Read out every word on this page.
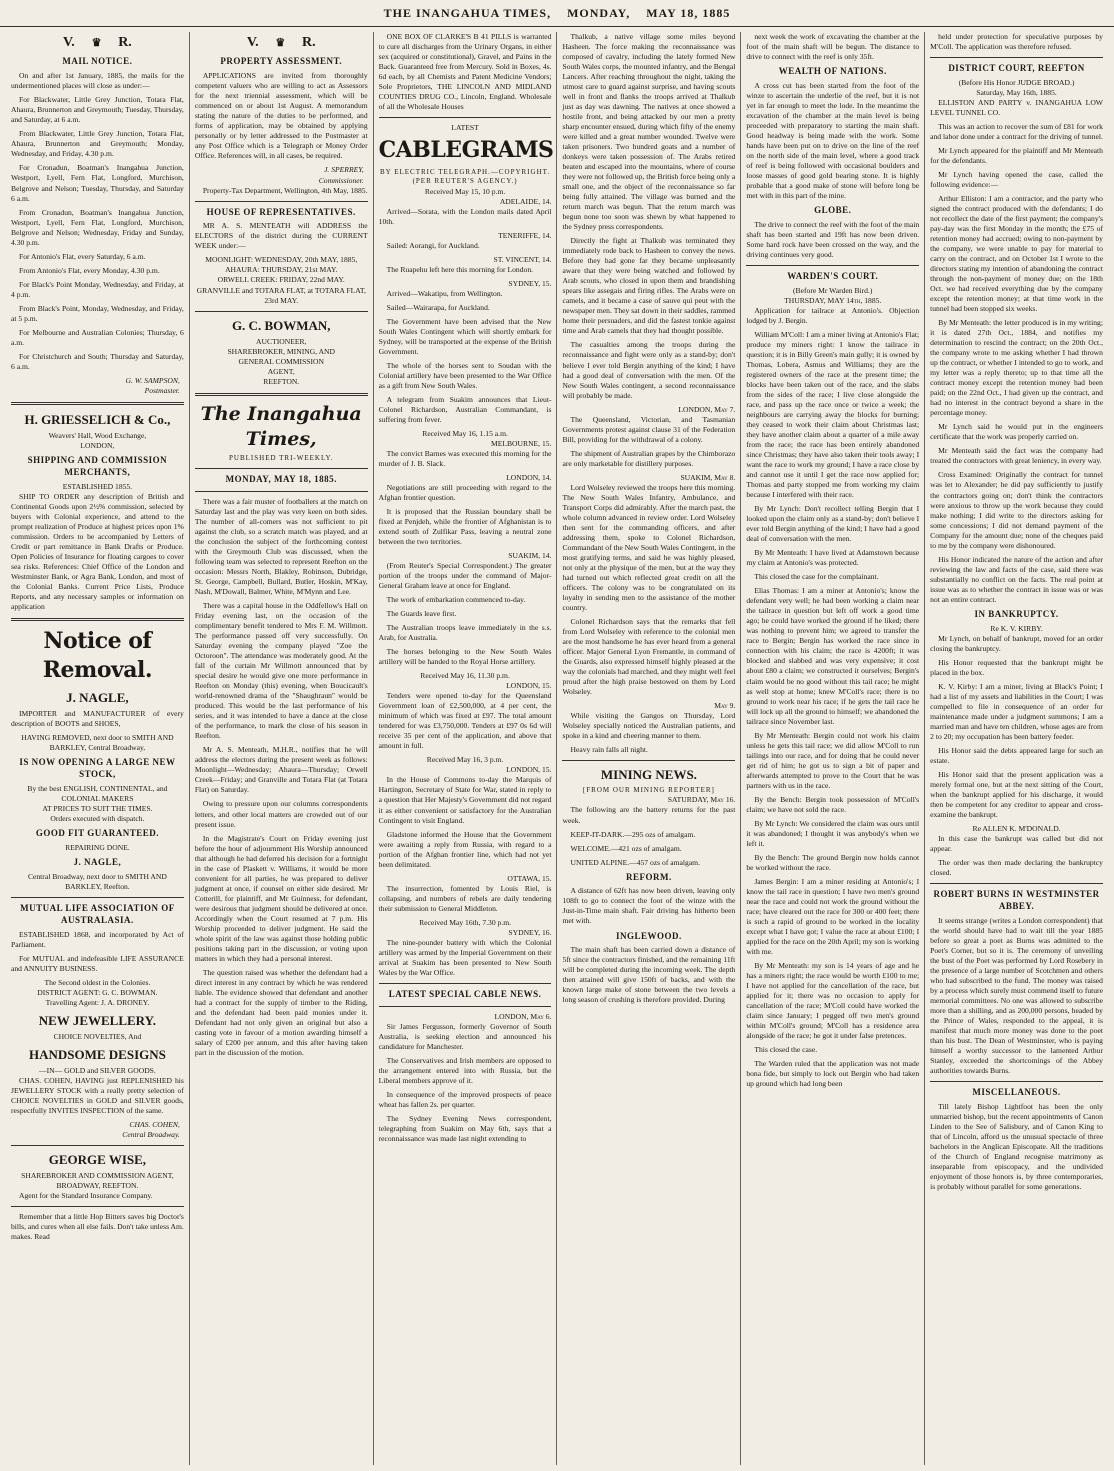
THE INANGAHUA TIMES, MONDAY, MAY 18, 1885
V. ♛ R.
MAIL NOTICE.

On and after 1st January, 1885, the mails for the undermentioned places will close as under:—

For Blackwater, Little Grey Junction, Totara Flat, Ahaura, Brunnerton and Greymouth; Tuesday, Thursday, and Saturday, at 6 a.m.

From Blackwater, Little Grey Junction, Totara Flat, Ahaura, Brunnerton and Greymouth; Monday, Wednesday, and Friday, 4.30 p.m.

For Cronadun, Boatman's Inangahua Junction, Westport, Lyell, Fern Flat, Longford, Murchison, Belgrove and Nelson; Tuesday, Thursday, and Saturday 6 a.m.

From Cronadun, Boatman's Inangahua Junction, Westport, Lyell, Fern Flat, Longford, Murchison, Belgrove and Nelson; Wednesday, Friday and Sunday, 4.30 p.m.

For Antonio's Flat, every Saturday, 6 a.m.

From Antonio's Flat, every Monday, 4.30 p.m.

For Black's Point Monday, Wednesday, and Friday, at 4 p.m.

From Black's Point, Monday, Wednesday, and Friday, at 5 p.m.

For Melbourne and Australian Colonies; Thursday, 6 a.m.

For Christchurch and South; Thursday and Saturday, 6 a.m.

G. W. SAMPSON,
Postmaster.
H. GRIESSELICH & Co.,
Weavers' Hall, Wood Exchange,
LONDON,
SHIPPING AND COMMISSION MERCHANTS,
ESTABLISHED 1855.

SHIP TO ORDER any description of British and Continental Goods upon 2½% commission, selected by buyers with Colonial experience, and attend to the prompt realization of Produce at highest prices upon 1% commission. Orders to be accompanied by Letters of Credit or part remittance in Bank Drafts or Produce. Open Policies of Insurance for floating cargoes to cover sea risks. References: Chief Office of the London and Westminster Bank, or Agra Bank, London, and most of the Colonial Banks. Current Price Lists, Produce Reports, and any necessary samples or information on application

Notice of Removal.
J. NAGLE,

IMPORTER and MANUFACTURER of every description of BOOTS and SHOES,

HAVING REMOVED, next door to SMITH AND BARKLEY, Central Broadway,
IS NOW OPENING A LARGE NEW STOCK,
By the best ENGLISH, CONTINENTAL, and COLONIAL MAKERS
AT PRICES TO SUIT THE TIMES.
Orders executed with dispatch.
GOOD FIT GUARANTEED.
REPAIRING DONE.
J. NAGLE,
Central Broadway, next door to SMITH AND BARKLEY, Reefton.
MUTUAL LIFE ASSOCIATION OF AUSTRALASIA.

ESTABLISHED 1868, and incorporated by Act of Parliament.

For MUTUAL and indefeasible LIFE ASSURANCE and ANNUITY BUSINESS.

The Second oldest in the Colonies.
DISTRICT AGENT: G. C. BOWMAN.
Travelling Agent: J. A. DRONEY.
NEW JEWELLERY.
CHOICE NOVELTIES, And
HANDSOME DESIGNS
—IN— GOLD and SILVER GOODS.

CHAS. COHEN, HAVING just REPLENISHED his JEWELLERY STOCK with a really pretty selection of CHOICE NOVELTIES in GOLD and SILVER goods, respectfully INVITES INSPECTION of the same.

CHAS. COHEN,
Central Broadway.
GEORGE WISE,
SHAREBROKER AND COMMISSION AGENT,
BROADWAY, REEFTON.

Agent for the Standard Insurance Company.

Remember that a little Hop Bitters saves big Doctor's bills, and cures when all else fails. Don't take unless Am. makes. Read

V. ♛ R.
PROPERTY ASSESSMENT.

APPLICATIONS are invited from thoroughly competent valuers who are willing to act as Assessors for the next triennial assessment, which will be commenced on or about 1st August. A memorandum stating the nature of the duties to be performed, and forms of application, may be obtained by applying personally or by letter addressed to the Postmaster at any Post Office which is a Telegraph or Money Order Office. References will, in all cases, be required.

J. SPERREY,
Commissioner.

Property-Tax Department, Wellington, 4th May, 1885.

HOUSE OF REPRESENTATIVES.

MR A. S. MENTEATH will ADDRESS the ELECTORS of the district during the CURRENT WEEK under:—

MOONLIGHT: WEDNESDAY, 20th MAY, 1885,
AHAURA: THURSDAY, 21st MAY.
ORWELL CREEK: FRIDAY, 22nd MAY.
GRANVILLE and TOTARA FLAT, at TOTARA FLAT, 23rd MAY.
G. C. BOWMAN,
AUCTIONEER,
SHAREBROKER, MINING, AND
GENERAL COMMISSION
AGENT,
REEFTON.
The Inangahua Times,
PUBLISHED TRI-WEEKLY.
MONDAY, MAY 18, 1885.

There was a fair muster of footballers at the match on Saturday last and the play was very keen on both sides. The number of all-comers was not sufficient to pit against the club, so a scratch match was played, and at the conclusion the subject of the forthcoming contest with the Greymouth Club was discussed, when the following team was selected to represent Reefton on the occasion: Messrs North, Blakley, Robinson, Dubridge, St. George, Campbell, Bullard, Butler, Hoskin, M'Kay, Nash, M'Dowall, Balmer, White, M'Mynn and Lee.

There was a capital house in the Oddfellow's Hall on Friday evening last, on the occasion of the complimentary benefit tendered to Mrs F. M. Willmott. The performance passed off very successfully. On Saturday evening the company played "Zoe the Octoroon". The attendance was moderately good. At the fall of the curtain Mr Willmott announced that by special desire he would give one more performance in Reefton on Monday (this) evening, when Boucicault's world-renowned drama of the "Shaughraun" would be produced. This would be the last performance of his series, and it was intended to have a dance at the close of the performance, to mark the close of his season in Reefton.

Mr A. S. Menteath, M.H.R., notifies that he will address the electors during the present week as follows: Moonlight—Wednesday; Ahaura—Thursday; Orwell Creek—Friday; and Granville and Totara Flat (at Totara Flat) on Saturday.

Owing to pressure upon our columns correspondents letters, and other local matters are crowded out of our present issue.

In the Magistrate's Court on Friday evening just before the hour of adjournment His Worship announced that although he had deferred his decision for a fortnight in the case of Plaskett v. Williams, it would be more convenient for all parties, he was prepared to deliver judgment at once, if counsel on either side desired. Mr Cotterill, for plaintiff, and Mr Guinness, for defendant, were desirous that judgment should be delivered at once. Accordingly when the Court resumed at 7 p.m. His Worship proceeded to deliver judgment. He said the whole spirit of the law was against those holding public positions taking part in the discussion, or voting upon matters in which they had a personal interest.

The question raised was whether the defendant had a direct interest in any contract by which he was rendered liable. The evidence showed that defendant and another had a contract for the supply of timber to the Riding, and the defendant had been paid monies under it. Defendant had not only given an original but also a casting vote in favour of a motion awarding himself a salary of £200 per annum, and this after having taken part in the discussion of the motion.

ONE BOX OF CLARKE'S B 41 PILLS is warranted to cure all discharges from the Urinary Organs, in either sex (acquired or constitutional), Gravel, and Pains in the Back. Guaranteed free from Mercury. Sold in Boxes, 4s. 6d each, by all Chemists and Patent Medicine Vendors; Sole Proprietors, THE LINCOLN AND MIDLAND COUNTIES DRUG CO., Lincoln, England. Wholesale of all the Wholesale Houses

LATEST
CABLEGRAMS
BY ELECTRIC TELEGRAPH.—COPYRIGHT.
(PER REUTER'S AGENCY.)
Received May 15, 10 p.m.
ADELAIDE, 14.

Arrived—Sorata, with the London mails dated April 10th.

TENERIFFE, 14.

Sailed: Aorangi, for Auckland.

ST. VINCENT, 14.

The Ruapehu left here this morning for London.

SYDNEY, 15.

Arrived—Wakatipu, from Wellington.

Sailed—Wairarapa, for Auckland.

The Government have been advised that the New South Wales Contingent which will shortly embark for Sydney, will be transported at the expense of the British Government.

The whole of the horses sent to Soudan with the Colonial artillery have been presented to the War Office as a gift from New South Wales.

A telegram from Suakim announces that Lieut-Colonel Richardson, Australian Commandant, is suffering from fever.

Received May 16, 1.15 a.m.
MELBOURNE, 15.

The convict Barnes was executed this morning for the murder of J. B. Slack.

LONDON, 14.

Negotiations are still proceeding with regard to the Afghan frontier question.

It is proposed that the Russian boundary shall be fixed at Penjdeh, while the frontier of Afghanistan is to extend south of Zulfikar Pass, leaving a neutral zone between the two territories.

SUAKIM, 14.

(From Reuter's Special Correspondent.) The greater portion of the troops under the command of Major-General Graham leave at once for England.

The work of embarkation commenced to-day.

The Guards leave first.

The Australian troops leave immediately in the s.s. Arab, for Australia.

The horses belonging to the New South Wales artillery will be handed to the Royal Horse artillery.

Received May 16, 11.30 p.m.
LONDON, 15.

Tenders were opened to-day for the Queensland Government loan of £2,500,000, at 4 per cent, the minimum of which was fixed at £97. The total amount tendered for was £3,750,000. Tenders at £97 0s 6d will receive 35 per cent of the application, and above that amount in full.

Received May 16, 3 p.m.
LONDON, 15.

In the House of Commons to-day the Marquis of Hartington, Secretary of State for War, stated in reply to a question that Her Majesty's Government did not regard it as either convenient or satisfactory for the Australian Contingent to visit England.

Gladstone informed the House that the Government were awaiting a reply from Russia, with regard to a portion of the Afghan frontier line, which had not yet been delimitated.

OTTAWA, 15.

The insurrection, fomented by Louis Riel, is collapsing, and numbers of rebels are daily tendering their submission to General Middleton.

Received May 16th, 7.30 p.m.
SYDNEY, 16.

The nine-pounder battery with which the Colonial artillery was armed by the Imperial Government on their arrival at Suakim has been presented to New South Wales by the War Office.

LATEST SPECIAL CABLE NEWS.
LONDON, May 6.

Sir James Fergusson, formerly Governor of South Australia, is seeking election and announced his candidature for Manchester.

The Conservatives and Irish members are opposed to the arrangement entered into with Russia, but the Liberal members approve of it.

In consequence of the improved prospects of peace wheat has fallen 2s. per quarter.

The Sydney Evening News correspondent, telegraphing from Suakim on May 6th, says that a reconnaissance was made last night extending to

Thalkub, a native village some miles beyond Hasheen. The force making the reconnaissance was composed of cavalry, including the lately formed New South Wales corps, the mounted infantry, and the Bengal Lancers. After reaching throughout the night, taking the utmost care to guard against surprise, and having scouts well in front and flanks the troops arrived at Thalkub just as day was dawning. The natives at once showed a hostile front, and being attacked by our men a pretty sharp encounter ensued, during which fifty of the enemy were killed and a great number wounded. Twelve were taken prisoners. Two hundred goats and a number of donkeys were taken possession of. The Arabs retired beaten and escaped into the mountains, where of course they were not followed up, the British force being only a small one, and the object of the reconnaissance so far being fully attained. The village was burned and the return march was begun. That the return march was begun none too soon was shewn by what happened to the Sydney press correspondents.

Directly the fight at Thalkub was terminated they immediately rode back to Hasheen to convey the news. Before they had gone far they became unpleasantly aware that they were being watched and followed by Arab scouts, who closed in upon them and brandishing spears like assegais and firing rifles. The Arabs were on camels, and it became a case of sauve qui peut with the newspaper men. They sat down in their saddles, rammed home their persuaders, and did the fastest tonkie against time and Arab camels that they had thought possible.

The casualties among the troops during the reconnaissance and fight were only as a stand-by; don't believe I ever told Bergin anything of the kind; I have had a good deal of conversation with the men. Of the New South Wales contingent, a second reconnaissance will probably be made.

LONDON, May 7.

The Queensland, Victorian, and Tasmanian Governments protest against clause 31 of the Federation Bill, providing for the withdrawal of a colony.

The shipment of Australian grapes by the Chimborazo are only marketable for distillery purposes.

SUAKIM, May 8.

Lord Wolseley reviewed the troops here this morning. The New South Wales Infantry, Ambulance, and Transport Corps did admirably. After the march past, the whole column advanced in review order. Lord Wolseley then sent for the commanding officers, and after addressing them, spoke to Colonel Richardson, Commandant of the New South Wales Contingent, in the most gratifying terms, and said he was highly pleased, not only at the physique of the men, but at the way they had turned out which reflected great credit on all the officers. The colony was to be congratulated on its loyalty in sending men to the assistance of the mother country.

Colonel Richardson says that the remarks that fell from Lord Wolseley with reference to the colonial men are the most handsome he has ever heard from a general officer. Major General Lyon Fremantle, in command of the Guards, also expressed himself highly pleased at the way the colonials had marched, and they might well feel proud after the high praise bestowed on them by Lord Wolseley.

May 9.

While visiting the Gangos on Thursday, Lord Wolseley specially noticed the Australian patients, and spoke in a kind and cheering manner to them.

Heavy rain falls all night.

MINING NEWS.
[FROM OUR MINING REPORTER]
SATURDAY, May 16.

The following are the battery returns for the past week.

KEEP-IT-DARK.—295 ozs of amalgam.

WELCOME.—421 ozs of amalgam.

UNITED ALPINE.—457 ozs of amalgam.

REFORM.

A distance of 62ft has now been driven, leaving only 108ft to go to connect the foot of the winze with the Just-in-Time main shaft. Fair driving has hitherto been met with.

INGLEWOOD.

The main shaft has been carried down a distance of 5ft since the contractors finished, and the remaining 11ft will be completed during the incoming week. The depth then attained will give 150ft of backs, and with the known large make of stone between the two levels a long season of crushing is therefore provided. During

next week the work of excavating the chamber at the foot of the main shaft will be begun. The distance to drive to connect with the reef is only 35ft.

WEALTH OF NATIONS.

A cross cut has been started from the foot of the winze to ascertain the underlie of the reef, but it is not yet in far enough to meet the lode. In the meantime the excavation of the chamber at the main level is being proceeded with preparatory to starting the main shaft. Good headway is being made with the work. Some hands have been put on to drive on the line of the reef on the north side of the main level, where a good track of reef is being followed with occasional boulders and loose masses of good gold bearing stone. It is highly probable that a good make of stone will before long be met with in this part of the mine.

GLOBE.

The drive to connect the reef with the foot of the main shaft has been started and 19ft has now been driven. Some hard rock have been crossed on the way, and the driving continues very good.

WARDEN'S COURT.
(Before Mr Warden Bird.)
THURSDAY, MAY 14th, 1885.

Application for tailrace at Antonio's. Objection lodged by J. Bergin.

William M'Coll: I am a miner living at Antonio's Flat; produce my miners right: I know the tailrace in question; it is in Billy Green's main gully; it is owned by Thomas, Lobera, Asmus and Williams; they are the registered owners of the race at the present time; the blocks have been taken out of the race, and the slabs from the sides of the race; I live close alongside the race, and pass up the race once or twice a week; the neighbours are carrying away the blocks for burning; they ceased to work their claim about Christmas last; they have another claim about a quarter of a mile away from the race; the race has been entirely abandoned since Christmas; they have also taken their tools away; I want the race to work my ground; I have a race close by and cannot use it until I get the race now applied for; Thomas and party stopped me from working my claim because I interfered with their race.

By Mr Lynch: Don't recollect telling Bergin that I looked upon the claim only as a stand-by; don't believe I ever told Bergin anything of the kind; I have had a good deal of conversation with the men.

By Mr Menteath: I have lived at Adamstown because my claim at Antonio's was protected.

This closed the case for the complainant.

Elias Thomas: I am a miner at Antonio's; know the defendant very well; he had been working a claim near the tailrace in question but left off work a good time ago; he could have worked the ground if he liked; there was nothing to prevent him; we agreed to transfer the race to Bergin; Bergin has worked the race since in connection with his claim; the race is 4200ft; it was blocked and slabbed and was very expensive; it cost about £80 a claim; we constructed it ourselves; Bergin's claim would be no good without this tail race; he might as well stop at home; knew M'Coll's race; there is no ground to work near his race; if he gets the tail race he will lock up all the ground to himself; we abandoned the tailrace since November last.

By Mr Menteath: Bergin could not work his claim unless he gets this tail race; we did allow M'Coll to run tailings into our race, and for doing that he could never get rid of him; he got us to sign a bit of paper and afterwards attempted to prove to the Court that he was partners with us in the race.

By the Bench: Bergin took possession of M'Coll's claim; we have not sold the race.

By Mr Lynch: We considered the claim was ours until it was abandoned; I thought it was anybody's when we left it.

By the Bench: The ground Bergin now holds cannot be worked without the race.

James Bergin: I am a miner residing at Antonio's; I know the tail race in question; I have two men's ground near the race and could not work the ground without the race; have cleared out the race for 300 or 400 feet; there is such a rapid of ground to be worked in the locality except what I have got; I value the race at about £100; I applied for the race on the 20th April; my son is working with me.

By Mr Menteath: my son is 14 years of age and he has a miners right; the race would be worth £100 to me; I have not applied for the cancellation of the race, but applied for it; there was no occasion to apply for cancellation of the race; M'Coll could have worked the claim since January; I pegged off two men's ground within M'Coll's ground; M'Coll has a residence area alongside of the race; he got it under false pretences.

This closed the case.

The Warden ruled that the application was not made bona fide, but simply to lock out Bergin who had taken up ground which had long been

held under protection for speculative purposes by M'Coll. The application was therefore refused.

DISTRICT COURT, REEFTON
(Before His Honor JUDGE BROAD.)
Saturday, May 16th, 1885.

ELLISTON AND PARTY v. INANGAHUA LOW LEVEL TUNNEL CO.

This was an action to recover the sum of £81 for work and labor done under a contract for the driving of tunnel.

Mr Lynch appeared for the plaintiff and Mr Menteath for the defendants.

Mr Lynch having opened the case, called the following evidence:—

Arthur Elliston: I am a contractor, and the party who signed the contract produced with the defendants; I do not recollect the date of the first payment; the company's pay-day was the first Monday in the month; the £75 of retention money had accrued; owing to non-payment by the company, we were unable to pay for material to carry on the contract, and on October 1st I wrote to the directors stating my intention of abandoning the contract through the non-payment of money due; on the 18th Oct. we had received everything due by the company except the retention money; at that time work in the tunnel had been stopped six weeks.

By Mr Menteath: the letter produced is in my writing; it is dated 27th Oct., 1884, and notifies my determination to rescind the contract; on the 20th Oct., the company wrote to me asking whether I had thrown up the contract, or whether I intended to go to work, and my letter was a reply thereto; up to that time all the contract money except the retention money had been paid; on the 22nd Oct., I had given up the contract, and had no interest in the contract beyond a share in the percentage money.

Mr Lynch said he would put in the engineers certificate that the work was properly carried on.

Mr Menteath said the fact was the company had treated the contractors with great leniency, in every way.

Cross Examined: Originally the contract for tunnel was let to Alexander; he did pay sufficiently to justify the contractors going on; don't think the contractors were anxious to throw up the work because they could make nothing; I did write to the directors asking for some concessions; I did not demand payment of the Company for the amount due; none of the cheques paid to me by the company were dishonoured.

His Honor indicated the nature of the action and after reviewing the law and facts of the case, said there was substantially no conflict on the facts. The real point at issue was as to whether the contract in issue was or was not an entire contract.

IN BANKRUPTCY.
Re K. V. KIRBY.

Mr Lynch, on behalf of bankrupt, moved for an order closing the bankruptcy.

His Honor requested that the bankrupt might be placed in the box.

K. V. Kirby: I am a miner, living at Black's Point; I had a list of my assets and liabilities in the Court; I was compelled to file in consequence of an order for maintenance made under a judgment summons; I am a married man and have ten children, whose ages are from 2 to 20; my occupation has been battery feeder.

His Honor said the debts appeared large for such an estate.

His Honor said that the present application was a merely formal one, but at the next sitting of the Court, when the bankrupt applied for his discharge, it would then be competent for any creditor to appear and cross-examine the bankrupt.

Re ALLEN K. M'DONALD.

In this case the bankrupt was called but did not appear.

The order was then made declaring the bankruptcy closed.

ROBERT BURNS IN WESTMINSTER ABBEY.

It seems strange (writes a London correspondent) that the world should have had to wait till the year 1885 before so great a poet as Burns was admitted to the Poet's Corner, but so it is. The ceremony of unveiling the bust of the Poet was performed by Lord Rosebery in the presence of a large number of Scotchmen and others who had subscribed to the fund. The money was raised by a process which surely must commend itself to future memorial committees. No one was allowed to subscribe more than a shilling, and as 200,000 persons, headed by the Prince of Wales, responded to the appeal, it is manifest that much more money was done to the poet than his bust. The Dean of Westminster, who is paying himself a worthy successor to the lamented Arthur Stanley, exceeded the shortcomings of the Abbey authorities towards Burns.

MISCELLANEOUS.

Till lately Bishop Lightfoot has been the only unmarried bishop, but the recent appointments of Canon Linden to the See of Salisbury, and of Canon King to that of Lincoln, afford us the unusual spectacle of three bachelors in the Anglican Episcopate. All the traditions of the Church of England recognise matrimony as inseparable from episcopacy, and the undivided enjoyment of those honors is, by three contemporaries, is probably without parallel for some generations.
